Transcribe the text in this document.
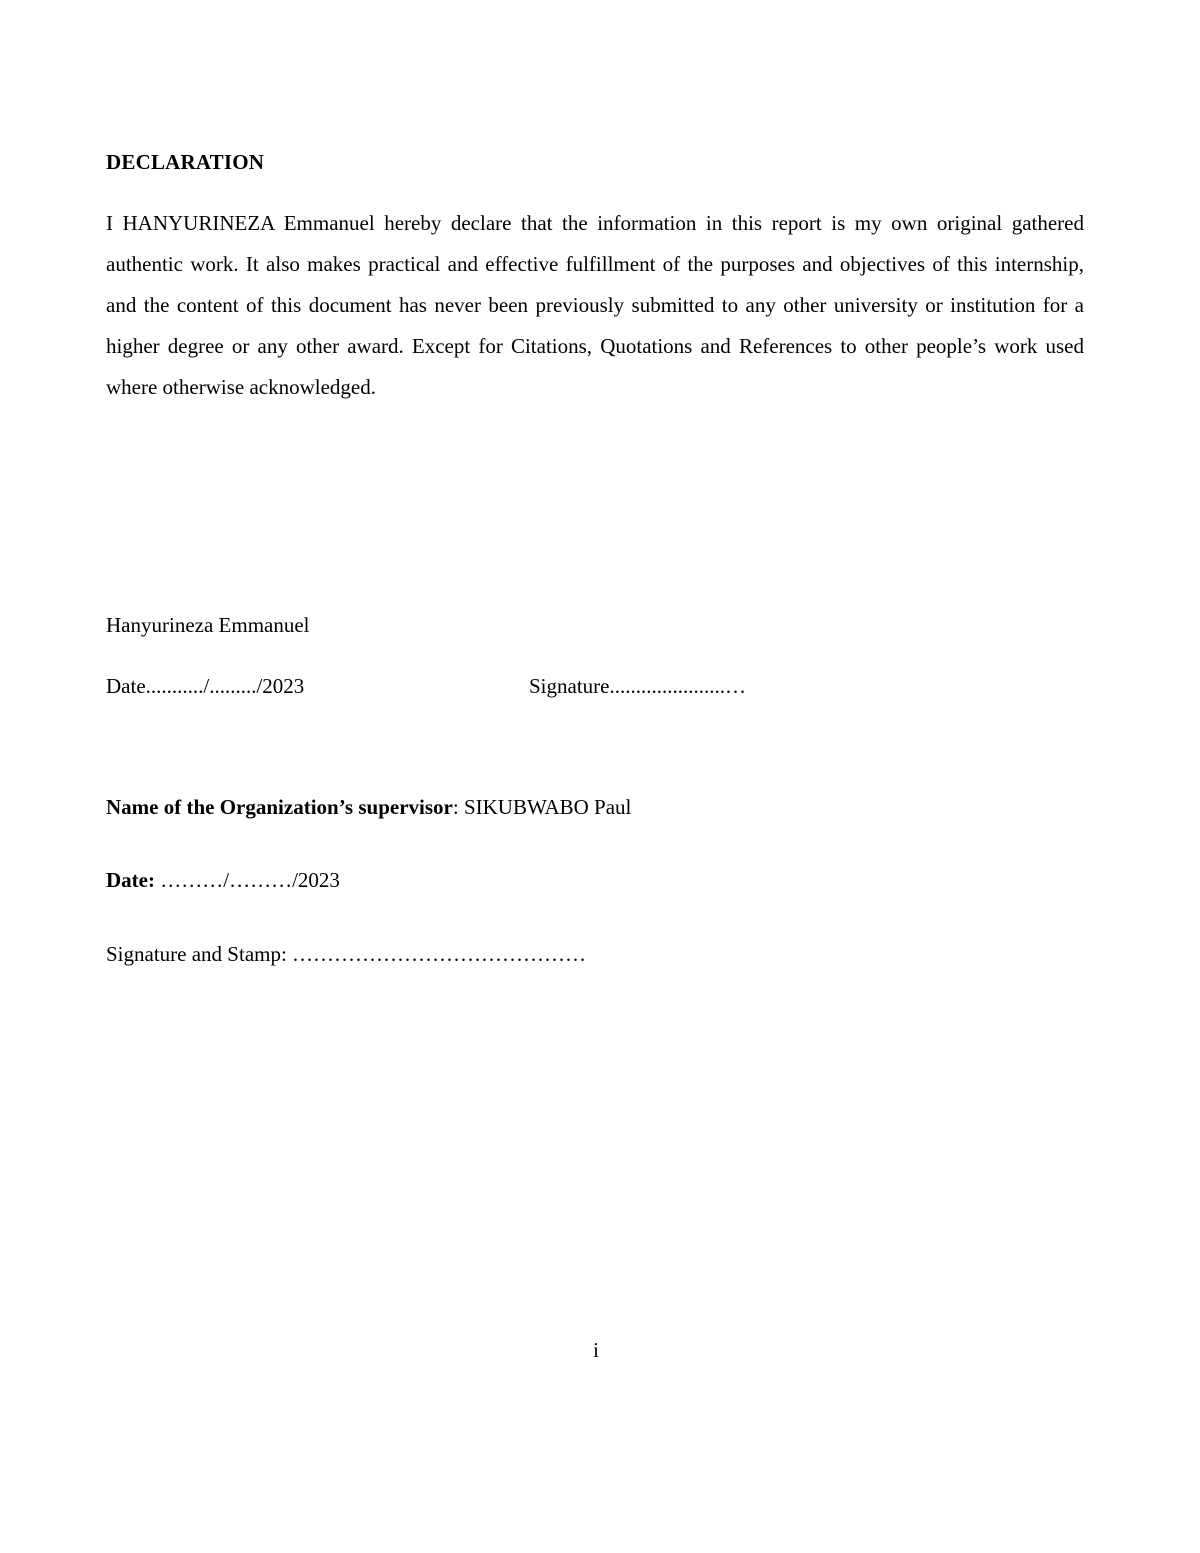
DECLARATION
I HANYURINEZA Emmanuel hereby declare that the information in this report is my own original gathered authentic work. It also makes practical and effective fulfillment of the purposes and objectives of this internship, and the content of this document has never been previously submitted to any other university or institution for a higher degree or any other award. Except for Citations, Quotations and References to other people’s work used where otherwise acknowledged.
Hanyurineza Emmanuel
Date.........../........./2023	Signature......................…
Name of the Organization’s supervisor: SIKUBWABO Paul
Date: ………/………/2023
Signature and Stamp: ……………………………………
i
